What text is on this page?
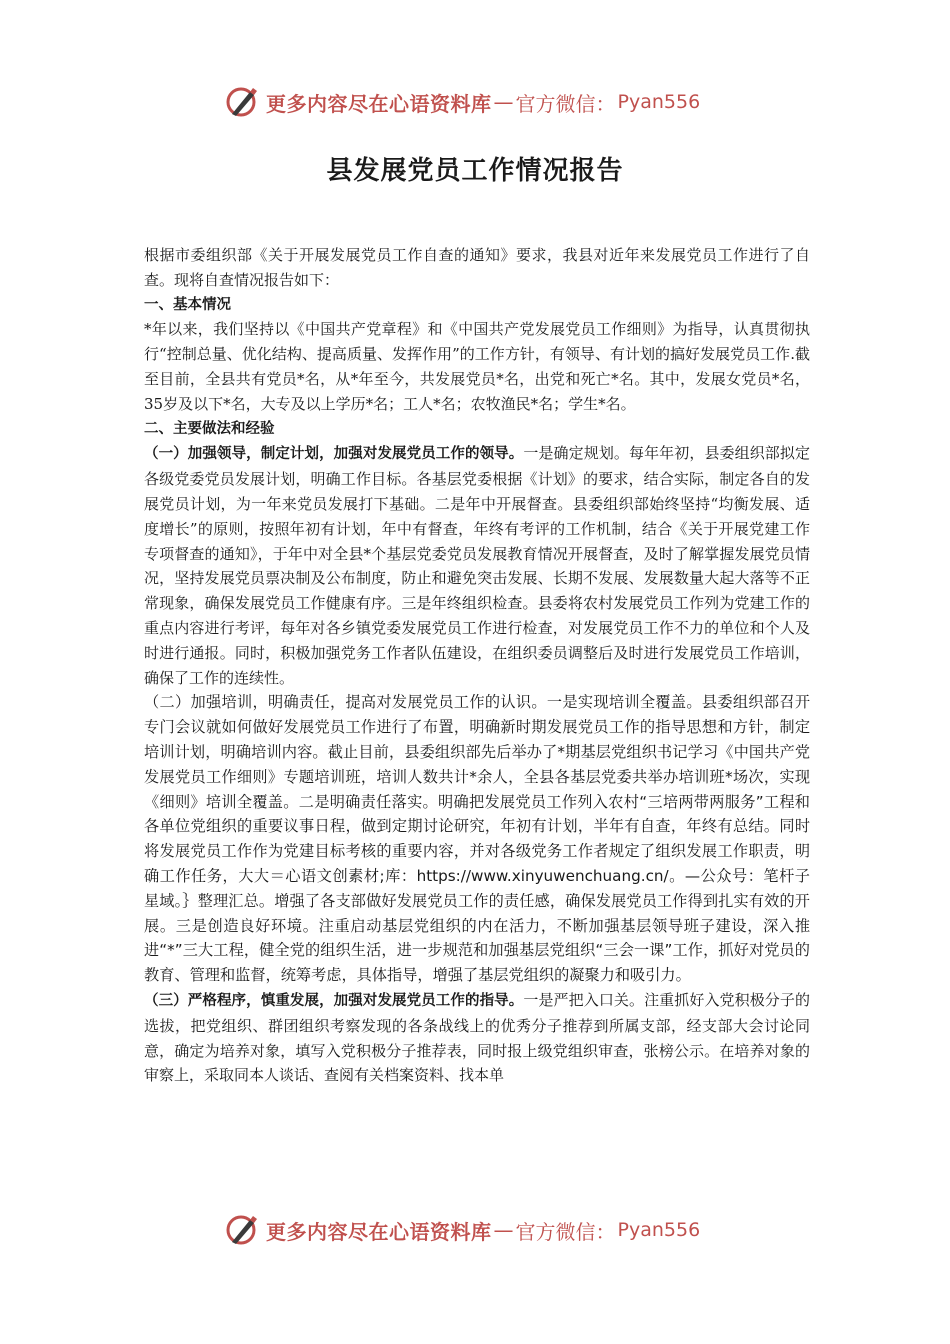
更多内容尽在心语资料库 — 官方微信： Pyan556
县发展党员工作情况报告

根据市委组织部《关于开展发展党员工作自查的通知》要求，我县对近年来发展党员工作进行了自查。现将自查情况报告如下：

一、基本情况

*年以来，我们坚持以《中国共产党章程》和《中国共产党发展党员工作细则》为指导，认真贯彻执行“控制总量、优化结构、提高质量、发挥作用”的工作方针，有领导、有计划的搞好发展党员工作.截至目前，全县共有党员*名，从*年至今，共发展党员*名，出党和死亡*名。其中，发展女党员*名，35岁及以下*名，大专及以上学历*名；工人*名；农牧渔民*名；学生*名。

二、主要做法和经验

（一）加强领导，制定计划，加强对发展党员工作的领导。一是确定规划。每年年初，县委组织部拟定各级党委党员发展计划，明确工作目标。各基层党委根据《计划》的要求，结合实际，制定各自的发展党员计划，为一年来党员发展打下基础。二是年中开展督查。县委组织部始终坚持“均衡发展、适度增长”的原则，按照年初有计划，年中有督查，年终有考评的工作机制，结合《关于开展党建工作专项督查的通知》，于年中对全县*个基层党委党员发展教育情况开展督查，及时了解掌握发展党员情况，坚持发展党员票决制及公布制度，防止和避免突击发展、长期不发展、发展数量大起大落等不正常现象，确保发展党员工作健康有序。三是年终组织检查。县委将农村发展党员工作列为党建工作的重点内容进行考评，每年对各乡镇党委发展党员工作进行检查，对发展党员工作不力的单位和个人及时进行通报。同时，积极加强党务工作者队伍建设，在组织委员调整后及时进行发展党员工作培训，确保了工作的连续性。

（二）加强培训，明确责任，提高对发展党员工作的认识。一是实现培训全覆盖。县委组织部召开专门会议就如何做好发展党员工作进行了布置，明确新时期发展党员工作的指导思想和方针，制定培训计划，明确培训内容。截止目前，县委组织部先后举办了*期基层党组织书记学习《中国共产党发展党员工作细则》专题培训班，培训人数共计*余人，全县各基层党委共举办培训班*场次，实现《细则》培训全覆盖。二是明确责任落实。明确把发展党员工作列入农村“三培两带两服务”工程和各单位党组织的重要议事日程，做到定期讨论研究，年初有计划，半年有自查，年终有总结。同时将发展党员工作作为党建目标考核的重要内容，并对各级党务工作者规定了组织发展工作职责，明确工作任务，大大＝心语文创素材;库：https://www.xinyuwenchuang.cn/。—公众号：笔杆子星域。｝整理汇总。增强了各支部做好发展党员工作的责任感，确保发展党员工作得到扎实有效的开展。三是创造良好环境。注重启动基层党组织的内在活力，不断加强基层领导班子建设，深入推进“*”三大工程，健全党的组织生活，进一步规范和加强基层党组织“三会一课”工作，抓好对党员的教育、管理和监督，统筹考虑，具体指导，增强了基层党组织的凝聚力和吸引力。

（三）严格程序，慎重发展，加强对发展党员工作的指导。一是严把入口关。注重抓好入党积极分子的选拔，把党组织、群团组织考察发现的各条战线上的优秀分子推荐到所属支部，经支部大会讨论同意，确定为培养对象，填写入党积极分子推荐表，同时报上级党组织审查，张榜公示。在培养对象的审察上，采取同本人谈话、查阅有关档案资料、找本单

更多内容尽在心语资料库 — 官方微信： Pyan556
